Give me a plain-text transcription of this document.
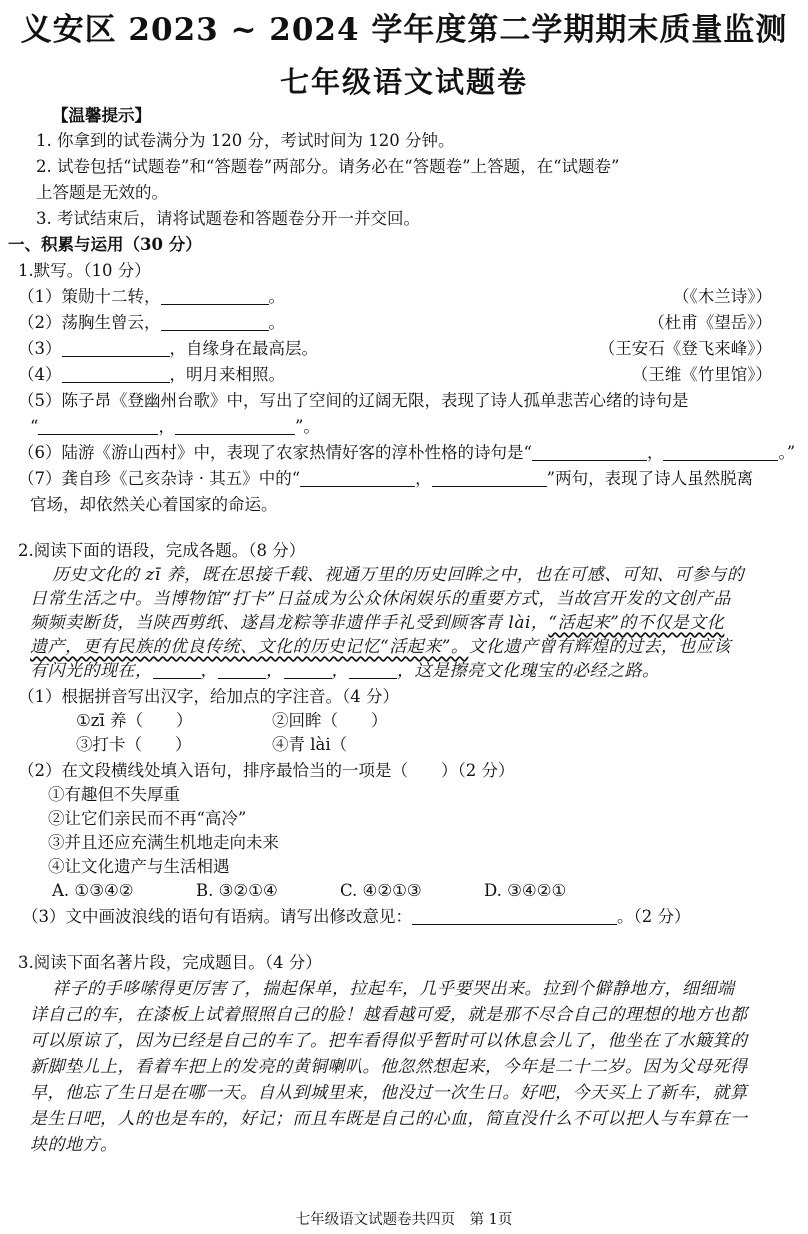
义安区 2023 ~ 2024 学年度第二学期期末质量监测
七年级语文试题卷
【温馨提示】
1. 你拿到的试卷满分为 120 分，考试时间为 120 分钟。
2. 试卷包括“试题卷”和“答题卷”两部分。请务必在“答题卷”上答题，在“试题卷”
上答题是无效的。
3. 考试结束后，请将试题卷和答题卷分开一并交回。
一、积累与运用（30 分）
1.默写。（10 分）
（1）策勋十二转，	。	（《木兰诗》）
（2）荡胸生曾云，	。	（杜甫《望岳》）
（3）	，自缘身在最高层。	（王安石《登飞来峰》）
（4）	，明月来相照。	（王维《竹里馆》）
（5）陈子昂《登幽州台歌》中，写出了空间的辽阔无限，表现了诗人孤单悲苦心绪的诗句是
“	，	”。
（6）陆游《游山西村》中，表现了农家热情好客的淳朴性格的诗句是“	，	。”
（7）龚自珍《己亥杂诗 · 其五》中的“	，	”两句，表现了诗人虽然脱离
官场，却依然关心着国家的命运。
2.阅读下面的语段，完成各题。（8 分）
历史文化的 zī 养，既在思接千载、视通万里的历史回眸之中，也在可感、可知、可参与的
日常生活之中。当博物馆“打卡”日益成为公众休闲娱乐的重要方式，当故宫开发的文创产品
频频卖断货，当陕西剪纸、遂昌龙粽等非遗伴手礼受到顾客青 lài，“活起来”的不仅是文化
遗产，更有民族的优良传统、文化的历史记忆“活起来”。文化遗产曾有辉煌的过去，也应该
有闪光的现在，	，	，	，	，这是擦亮文化瑰宝的必经之路。
（1）根据拼音写出汉字，给加点的字注音。（4 分）
①zī 养（　　）	②回眸（　　）
③打卡（　　）	④青 lài（
（2）在文段横线处填入语句，排序最恰当的一项是（　　）（2 分）
①有趣但不失厚重
②让它们亲民而不再“高冷”
③并且还应充满生机地走向未来
④让文化遗产与生活相遇
A. ①③④②	B. ③②①④	C. ④②①③	D. ③④②①
（3）文中画波浪线的语句有语病。请写出修改意见：	。（2 分）
3.阅读下面名著片段，完成题目。（4 分）
祥子的手哆嗦得更厉害了，揣起保单，拉起车，几乎要哭出来。拉到个僻静地方，细细端
详自己的车，在漆板上试着照照自己的脸！越看越可爱，就是那不尽合自己的理想的地方也都
可以原谅了，因为已经是自己的车了。把车看得似乎暂时可以休息会儿了，他坐在了水簸箕的
新脚垫儿上，看着车把上的发亮的黄铜喇叭。他忽然想起来，今年是二十二岁。因为父母死得
早，他忘了生日是在哪一天。自从到城里来，他没过一次生日。好吧，今天买上了新车，就算
是生日吧，人的也是车的，好记；而且车既是自己的心血，简直没什么不可以把人与车算在一
块的地方。
七年级语文试题卷共四页　第 1页
